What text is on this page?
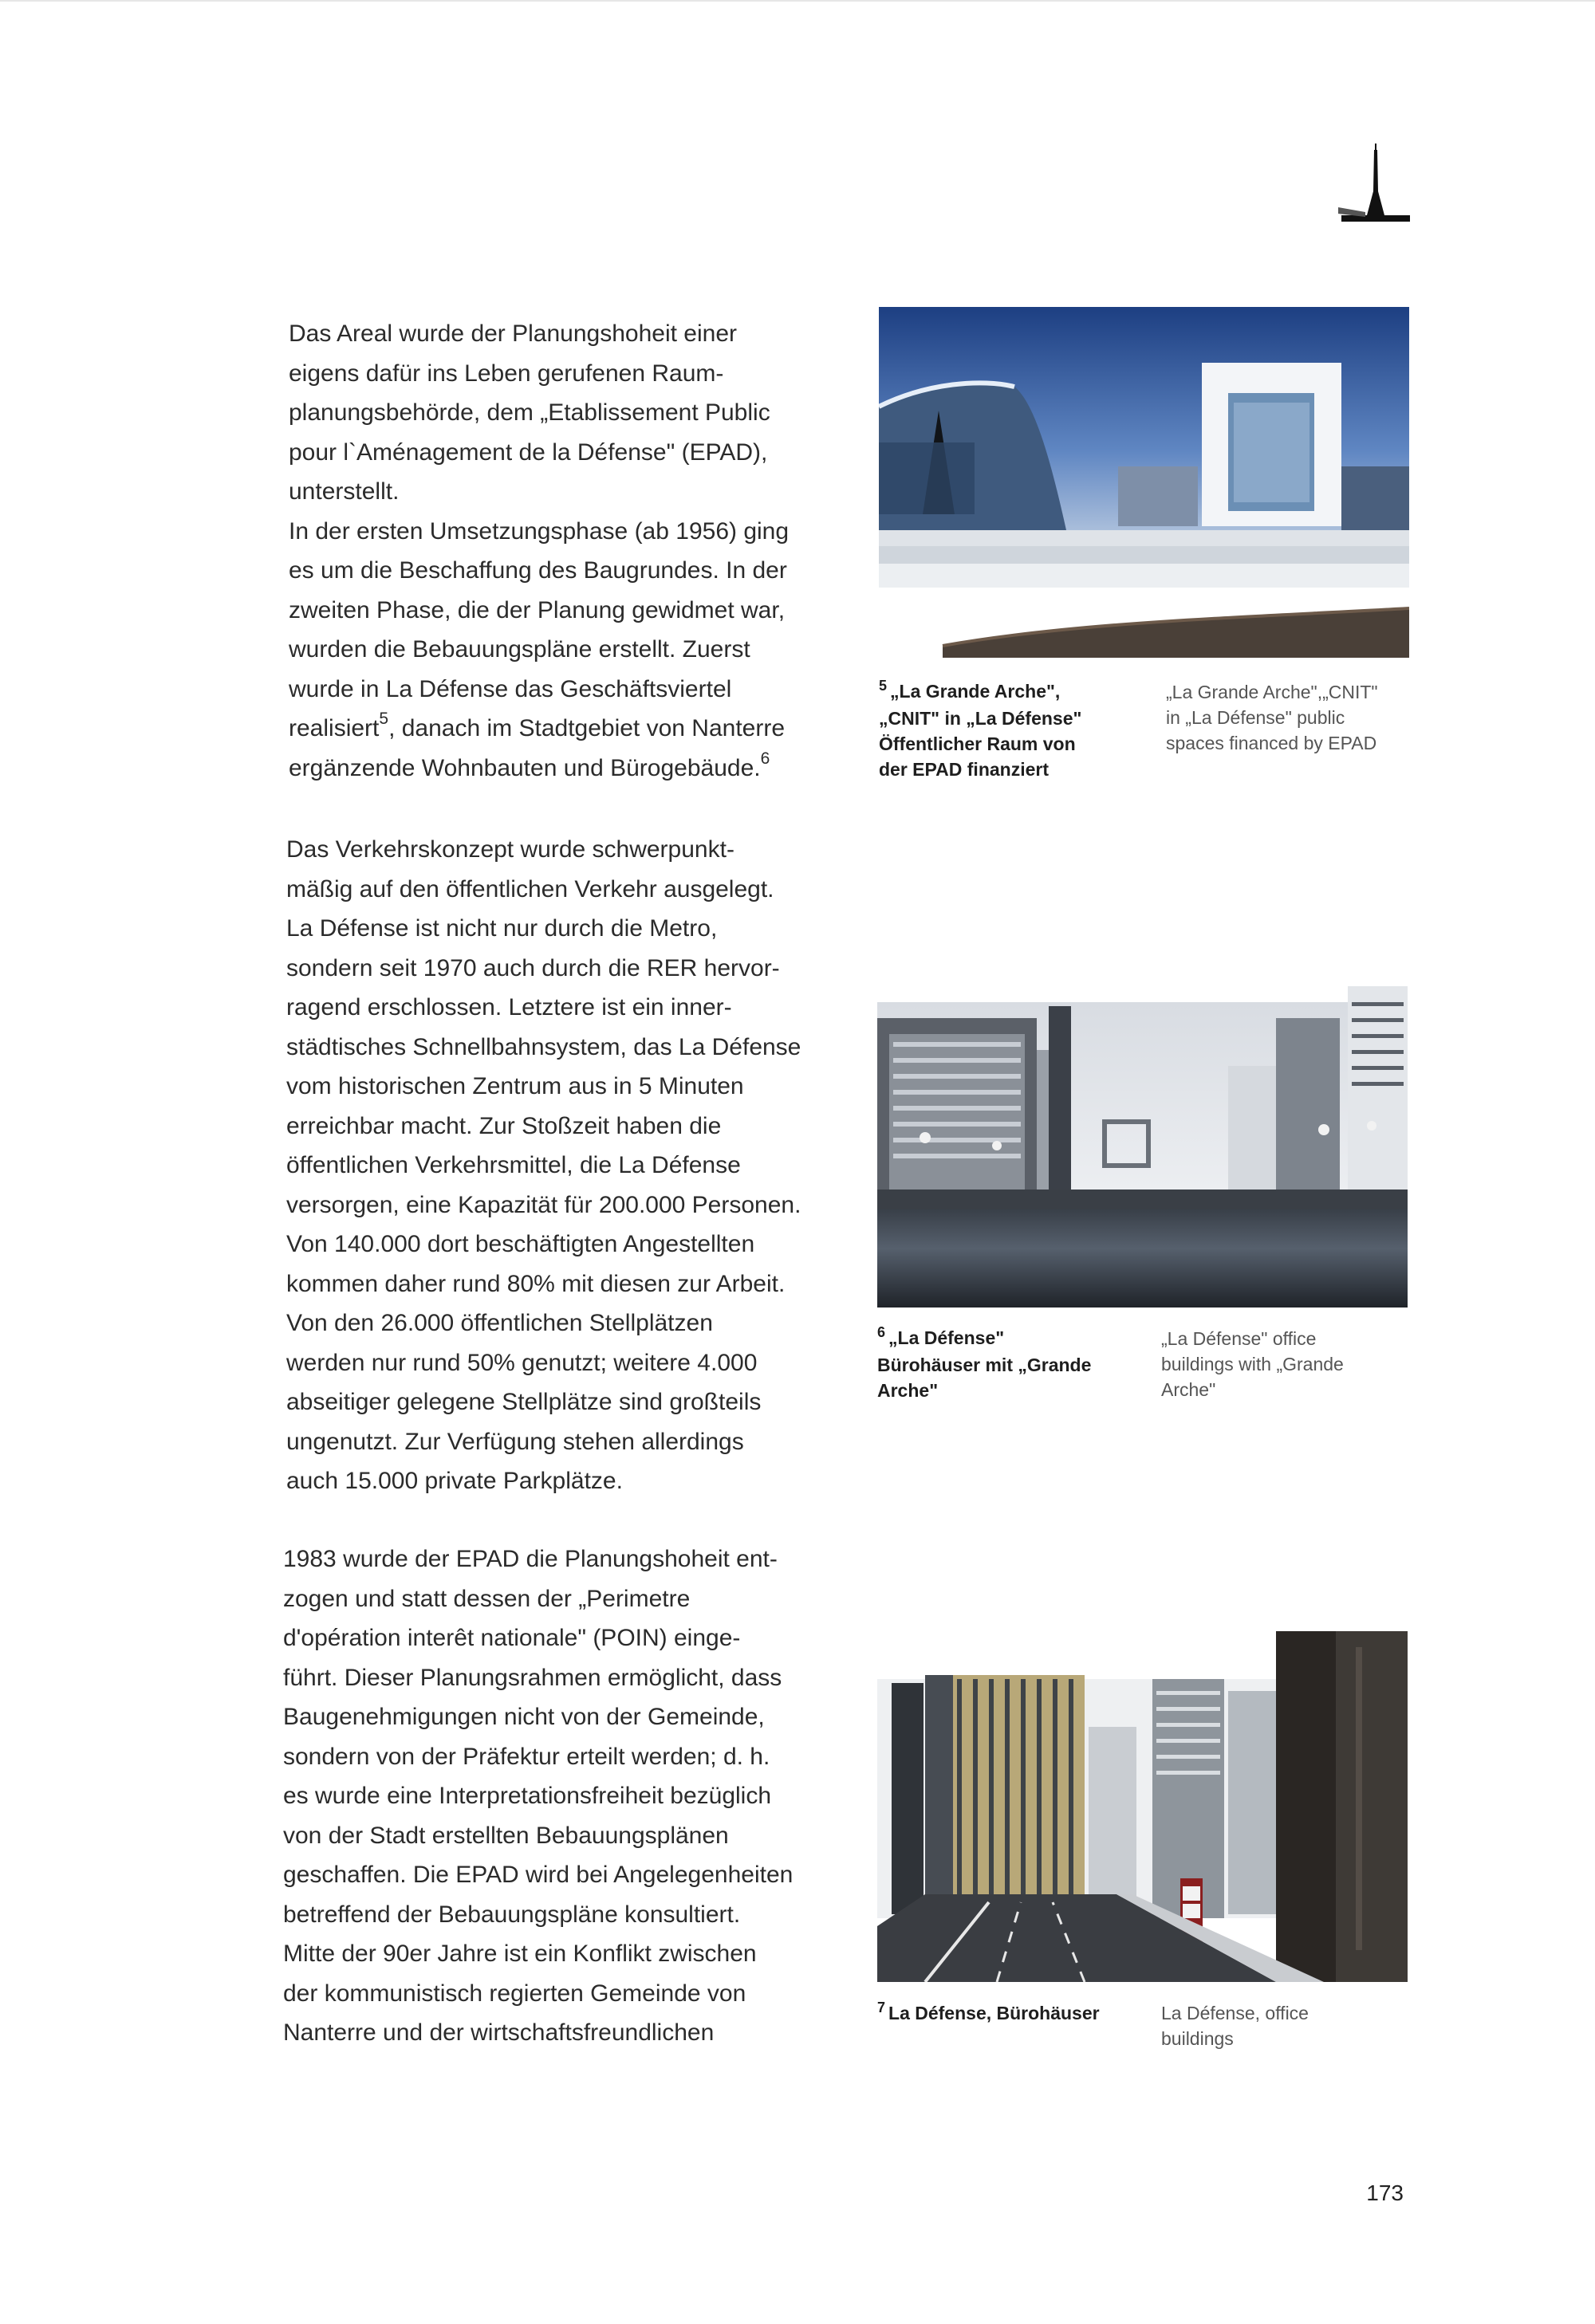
Das Areal wurde der Planungshoheit einer
eigens dafür ins Leben gerufenen Raum-
planungsbehörde, dem „Etablissement Public
pour l`Aménagement de la Défense" (EPAD),
unterstellt.
In der ersten Umsetzungsphase (ab 1956) ging
es um die Beschaffung des Baugrundes. In der
zweiten Phase, die der Planung gewidmet war,
wurden die Bebauungspläne erstellt. Zuerst
wurde in La Défense das Geschäftsviertel
realisiert$^5$, danach im Stadtgebiet von Nanterre
ergänzende Wohnbauten und Bürogebäude.$^6$

Das Verkehrskonzept wurde schwerpunkt-
mäßig auf den öffentlichen Verkehr ausgelegt.
La Défense ist nicht nur durch die Metro,
sondern seit 1970 auch durch die RER hervor-
ragend erschlossen. Letztere ist ein inner-
städtisches Schnellbahnsystem, das La Défense
vom historischen Zentrum aus in 5 Minuten
erreichbar macht. Zur Stoßzeit haben die
öffentlichen Verkehrsmittel, die La Défense
versorgen, eine Kapazität für 200.000 Personen.
Von 140.000 dort beschäftigten Angestellten
kommen daher rund 80% mit diesen zur Arbeit.
Von den 26.000 öffentlichen Stellplätzen
werden nur rund 50% genutzt; weitere 4.000
abseitiger gelegene Stellplätze sind großteils
ungenutzt. Zur Verfügung stehen allerdings
auch 15.000 private Parkplätze.

1983 wurde der EPAD die Planungshoheit ent-
zogen und statt dessen der „Perimetre
d'opération interêt nationale" (POIN) einge-
führt. Dieser Planungsrahmen ermöglicht, dass
Baugenehmigungen nicht von der Gemeinde,
sondern von der Präfektur erteilt werden; d. h.
es wurde eine Interpretationsfreiheit bezüglich
von der Stadt erstellten Bebauungsplänen
geschaffen. Die EPAD wird bei Angelegenheiten
betreffend der Bebauungspläne konsultiert.
Mitte der 90er Jahre ist ein Konflikt zwischen
der kommunistisch regierten Gemeinde von
Nanterre und der wirtschaftsfreundlichen

$^5$ „La Grande Arche",
„CNIT" in „La Défense"
Öffentlicher Raum von
der EPAD finanziert

„La Grande Arche",„CNIT"
in „La Défense" public
spaces financed by EPAD

$^6$ „La Défense"
Bürohäuser mit „Grande
Arche"

„La Défense" office
buildings with „Grande
Arche"

$^7$ La Défense, Bürohäuser	La Défense, office
buildings

173
